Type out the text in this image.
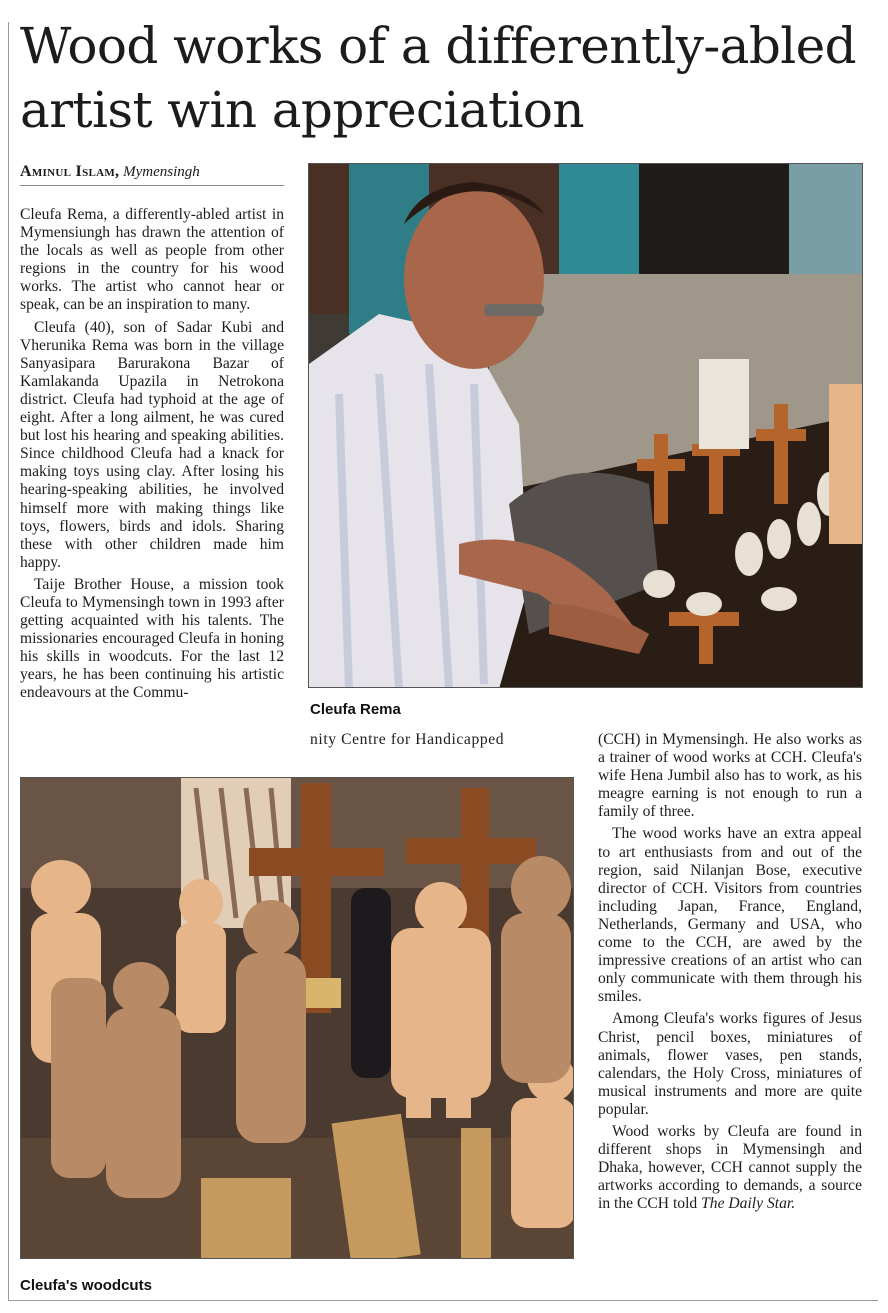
Wood works of a differently-abled artist win appreciation
Aminul Islam, Mymensingh

Cleufa Rema, a differently-abled artist in Mymensiungh has drawn the attention of the locals as well as people from other regions in the country for his wood works. The artist who cannot hear or speak, can be an inspiration to many.

Cleufa (40), son of Sadar Kubi and Vherunika Rema was born in the village Sanyasipara Barurakona Bazar of Kamlakanda Upazila in Netrokona district. Cleufa had typhoid at the age of eight. After a long ailment, he was cured but lost his hearing and speaking abilities. Since childhood Cleufa had a knack for making toys using clay. After losing his hearing-speaking abilities, he involved himself more with making things like toys, flowers, birds and idols. Sharing these with other children made him happy.

Taije Brother House, a mission took Cleufa to Mymensingh town in 1993 after getting acquainted with his talents. The missionaries encouraged Cleufa in honing his skills in woodcuts. For the last 12 years, he has been continuing his artistic endeavours at the Commu-

Cleufa Rema

nity Centre for Handicapped

Cleufa's woodcuts

(CCH) in Mymensingh. He also works as a trainer of wood works at CCH. Cleufa's wife Hena Jumbil also has to work, as his meagre earning is not enough to run a family of three.

The wood works have an extra appeal to art enthusiasts from and out of the region, said Nilanjan Bose, executive director of CCH. Visitors from countries including Japan, France, England, Netherlands, Germany and USA, who come to the CCH, are awed by the impressive creations of an artist who can only communicate with them through his smiles.

Among Cleufa's works figures of Jesus Christ, pencil boxes, miniatures of animals, flower vases, pen stands, calendars, the Holy Cross, miniatures of musical instruments and more are quite popular.

Wood works by Cleufa are found in different shops in Mymensingh and Dhaka, however, CCH cannot supply the artworks according to demands, a source in the CCH told The Daily Star.
